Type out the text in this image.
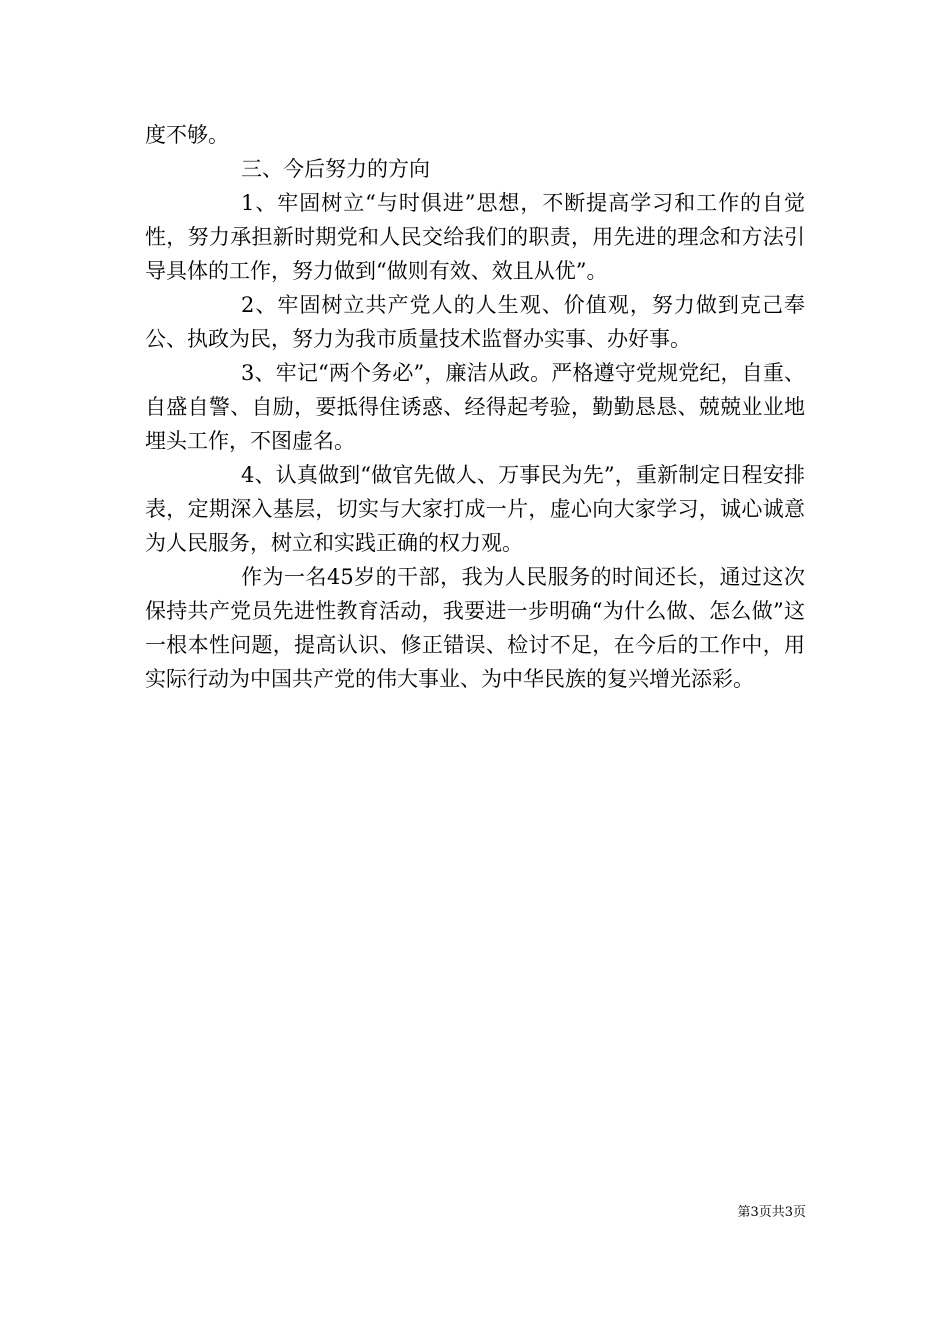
度不够。

三、今后努力的方向

1、牢固树立“与时俱进”思想，不断提高学习和工作的自觉性，努力承担新时期党和人民交给我们的职责，用先进的理念和方法引导具体的工作，努力做到“做则有效、效且从优”。

2、牢固树立共产党人的人生观、价值观，努力做到克己奉公、执政为民，努力为我市质量技术监督办实事、办好事。

3、牢记“两个务必”，廉洁从政。严格遵守党规党纪，自重、自盛自警、自励，要抵得住诱惑、经得起考验，勤勤恳恳、兢兢业业地埋头工作，不图虚名。

4、认真做到“做官先做人、万事民为先”，重新制定日程安排表，定期深入基层，切实与大家打成一片，虚心向大家学习，诚心诚意为人民服务，树立和实践正确的权力观。

作为一名45岁的干部，我为人民服务的时间还长，通过这次保持共产党员先进性教育活动，我要进一步明确“为什么做、怎么做”这一根本性问题，提高认识、修正错误、检讨不足，在今后的工作中，用实际行动为中国共产党的伟大事业、为中华民族的复兴增光添彩。

第3页共3页
